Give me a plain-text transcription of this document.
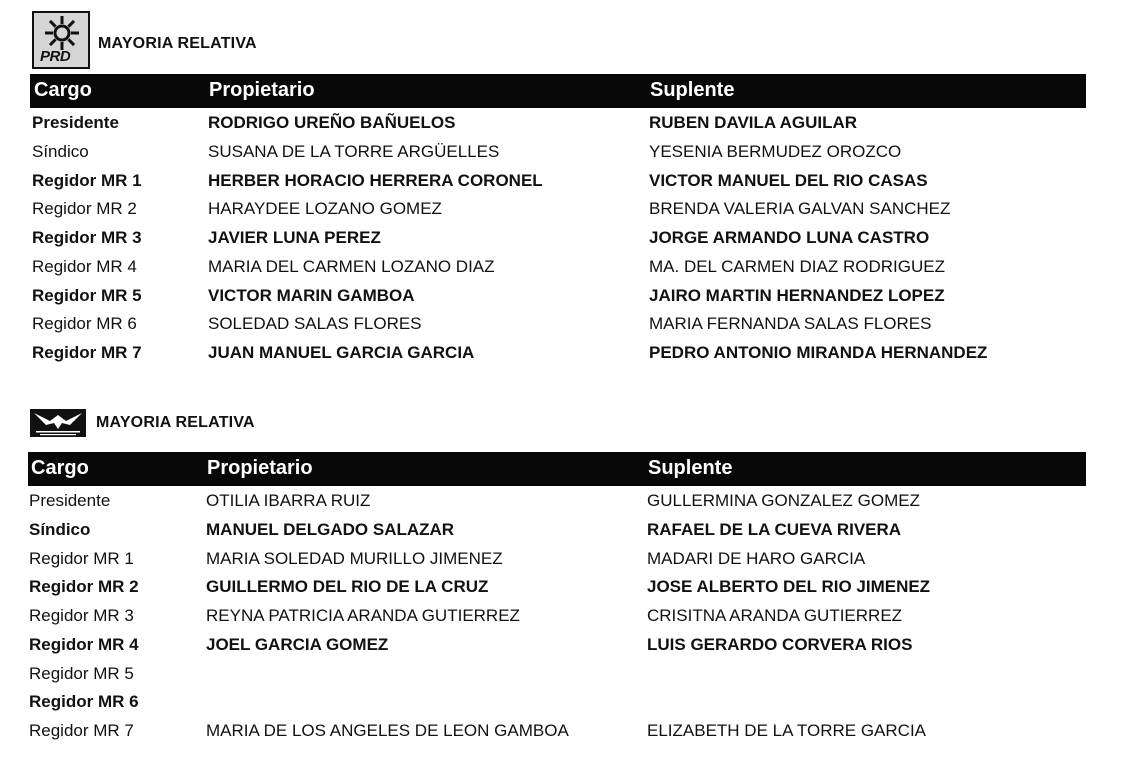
PRD
MAYORIA RELATIVA
Cargo	Propietario	Suplente
Presidente	RODRIGO UREÑO BAÑUELOS	RUBEN DAVILA AGUILAR
Síndico	SUSANA DE LA TORRE ARGÜELLES	YESENIA BERMUDEZ OROZCO
Regidor MR 1	HERBER HORACIO HERRERA CORONEL	VICTOR MANUEL DEL RIO CASAS
Regidor MR 2	HARAYDEE LOZANO GOMEZ	BRENDA VALERIA GALVAN SANCHEZ
Regidor MR 3	JAVIER LUNA PEREZ	JORGE ARMANDO LUNA CASTRO
Regidor MR 4	MARIA DEL CARMEN LOZANO DIAZ	MA. DEL CARMEN DIAZ RODRIGUEZ
Regidor MR 5	VICTOR MARIN GAMBOA	JAIRO MARTIN HERNANDEZ LOPEZ
Regidor MR 6	SOLEDAD SALAS FLORES	MARIA FERNANDA SALAS FLORES
Regidor MR 7	JUAN MANUEL GARCIA GARCIA	PEDRO ANTONIO MIRANDA HERNANDEZ
MAYORIA RELATIVA
Cargo	Propietario	Suplente
Presidente	OTILIA IBARRA RUIZ	GULLERMINA GONZALEZ GOMEZ
Síndico	MANUEL DELGADO SALAZAR	RAFAEL DE LA CUEVA RIVERA
Regidor MR 1	MARIA SOLEDAD MURILLO JIMENEZ	MADARI DE HARO GARCIA
Regidor MR 2	GUILLERMO DEL RIO DE LA CRUZ	JOSE ALBERTO DEL RIO JIMENEZ
Regidor MR 3	REYNA PATRICIA ARANDA GUTIERREZ	CRISITNA ARANDA GUTIERREZ
Regidor MR 4	JOEL GARCIA GOMEZ	LUIS GERARDO CORVERA RIOS
Regidor MR 5
Regidor MR 6
Regidor MR 7	MARIA DE LOS ANGELES DE LEON GAMBOA	ELIZABETH DE LA TORRE GARCIA
